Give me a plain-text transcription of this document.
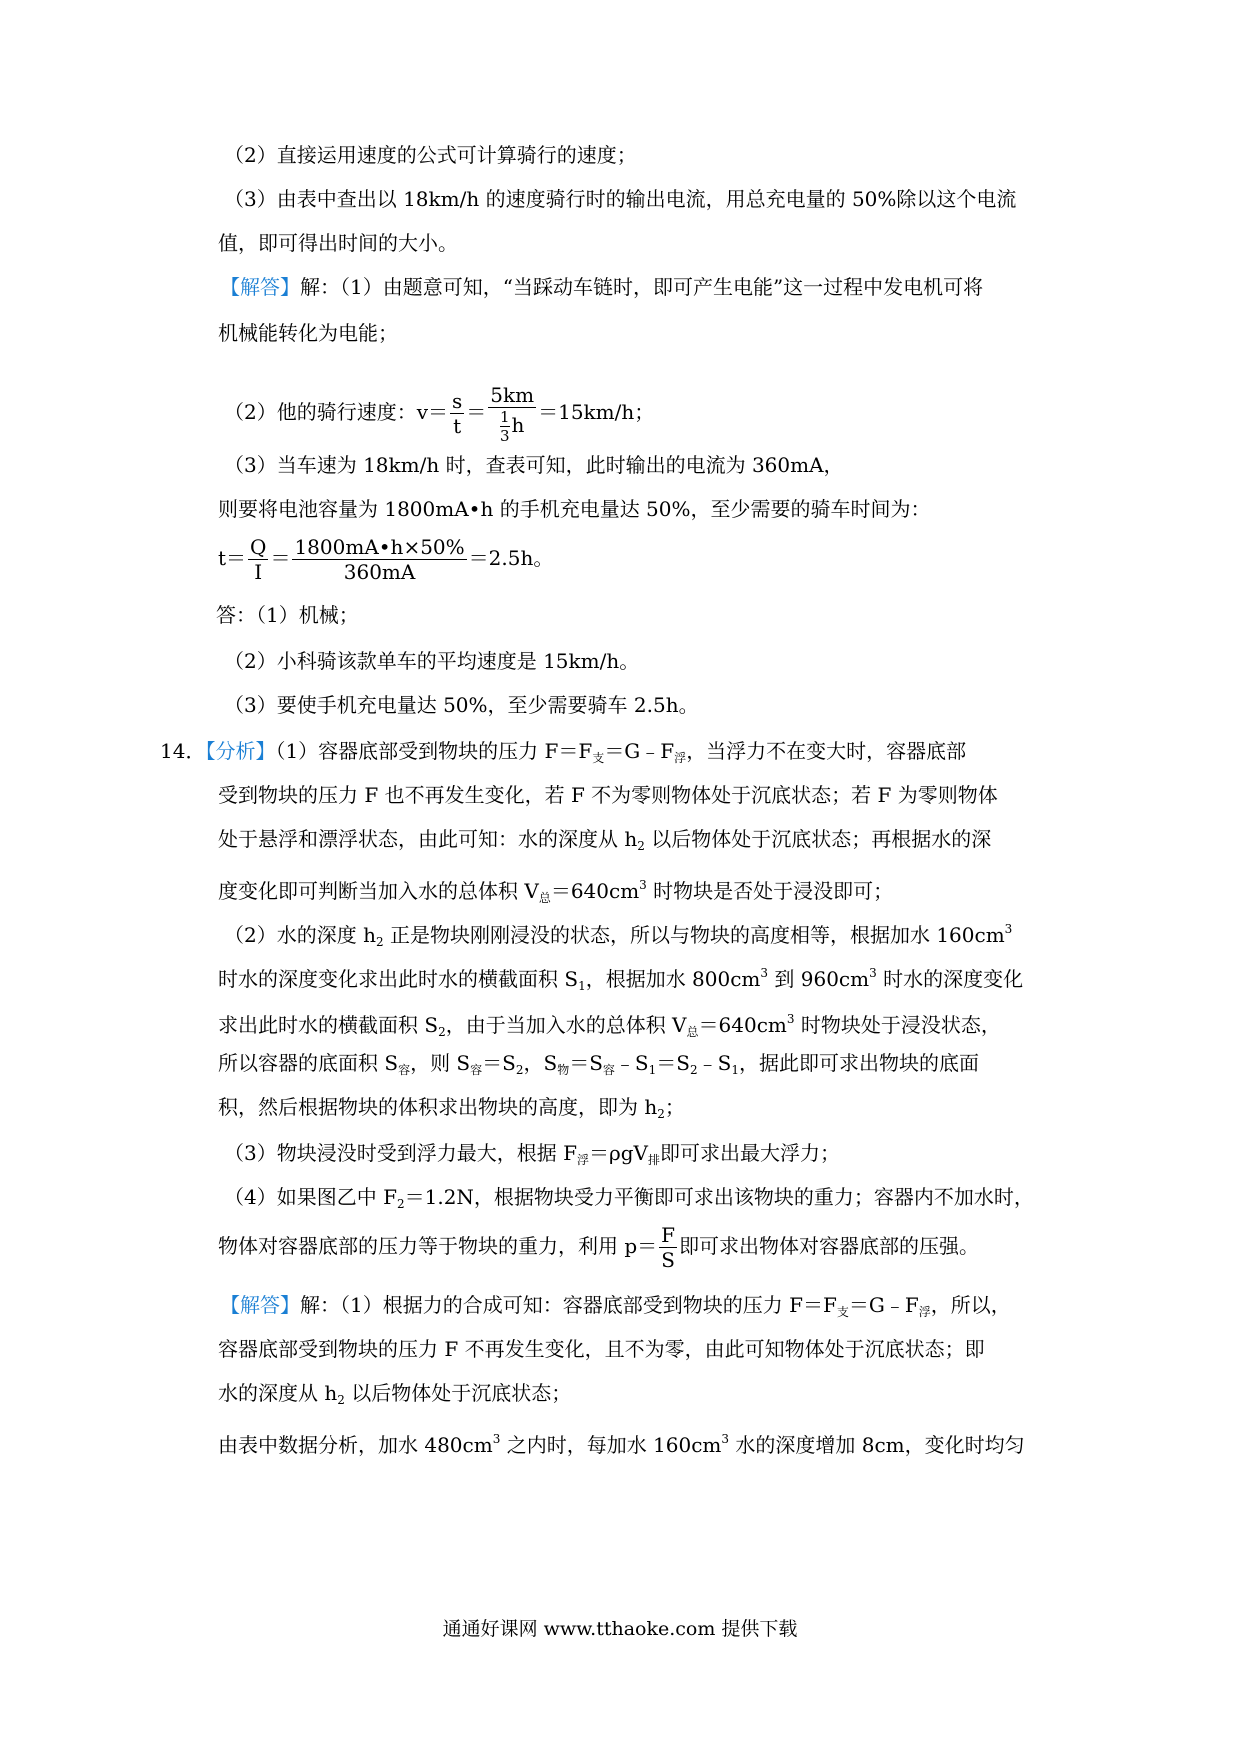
（2）直接运用速度的公式可计算骑行的速度；
（3）由表中查出以 18km/h 的速度骑行时的输出电流，用总充电量的 50%除以这个电流
值，即可得出时间的大小。
【解答】解：（1）由题意可知，“当踩动车链时，即可产生电能”这一过程中发电机可将
机械能转化为电能；
（2）他的骑行速度：$v= \frac{s}{t} = \frac{5km}{\frac{1}{3} h} =15km/h$；
（3）当车速为 18km/h 时，查表可知，此时输出的电流为 360mA，
则要将电池容量为 1800mA•h 的手机充电量达 50%，至少需要的骑车时间为：
$t= \frac{Q}{I} = \frac{1800mA•h\times 50\%}{360mA} =2.5h$。
答：（1）机械；
（2）小科骑该款单车的平均速度是 15km/h。
（3）要使手机充电量达 50%，至少需要骑车 2.5h。
14．【分析】（1）容器底部受到物块的压力 $F=F_支=G﹣F_浮$，当浮力不在变大时，容器底部
受到物块的压力 F 也不再发生变化，若 F 不为零则物体处于沉底状态；若 F 为零则物体
处于悬浮和漂浮状态，由此可知：水的深度从 $h_2$ 以后物体处于沉底状态；再根据水的深
度变化即可判断当加入水的总体积 $V_总=640cm^3$ 时物块是否处于浸没即可；
（2）水的深度 $h_2$ 正是物块刚刚浸没的状态，所以与物块的高度相等，根据加水 $160cm^3$
时水的深度变化求出此时水的横截面积 $S_1$，根据加水 $800cm^3$ 到 $960cm^3$ 时水的深度变化
求出此时水的横截面积 $S_2$，由于当加入水的总体积 $V_总=640cm^3$ 时物块处于浸没状态，
所以容器的底面积 $S_容$，则 $S_容=S_2$，$S_物=S_容﹣S_1=S_2﹣S_1$，据此即可求出物块的底面
积，然后根据物块的体积求出物块的高度，即为 $h_2$；
（3）物块浸没时受到浮力最大，根据 $F_浮=\rho gV_排$即可求出最大浮力；
（4）如果图乙中 $F_2=1.2N$，根据物块受力平衡即可求出该物块的重力；容器内不加水时，
物体对容器底部的压力等于物块的重力，利用 $p= \frac{F}{S}$ 即可求出物体对容器底部的压强。
【解答】解：（1）根据力的合成可知：容器底部受到物块的压力 $F=F_支=G﹣F_浮$，所以，
容器底部受到物块的压力 F 不再发生变化，且不为零，由此可知物体处于沉底状态；即
水的深度从 $h_2$ 以后物体处于沉底状态；
由表中数据分析，加水 $480cm^3$ 之内时，每加水 $160cm^3$ 水的深度增加 8cm，变化时均匀
通通好课网 www.tthaoke.com 提供下载
